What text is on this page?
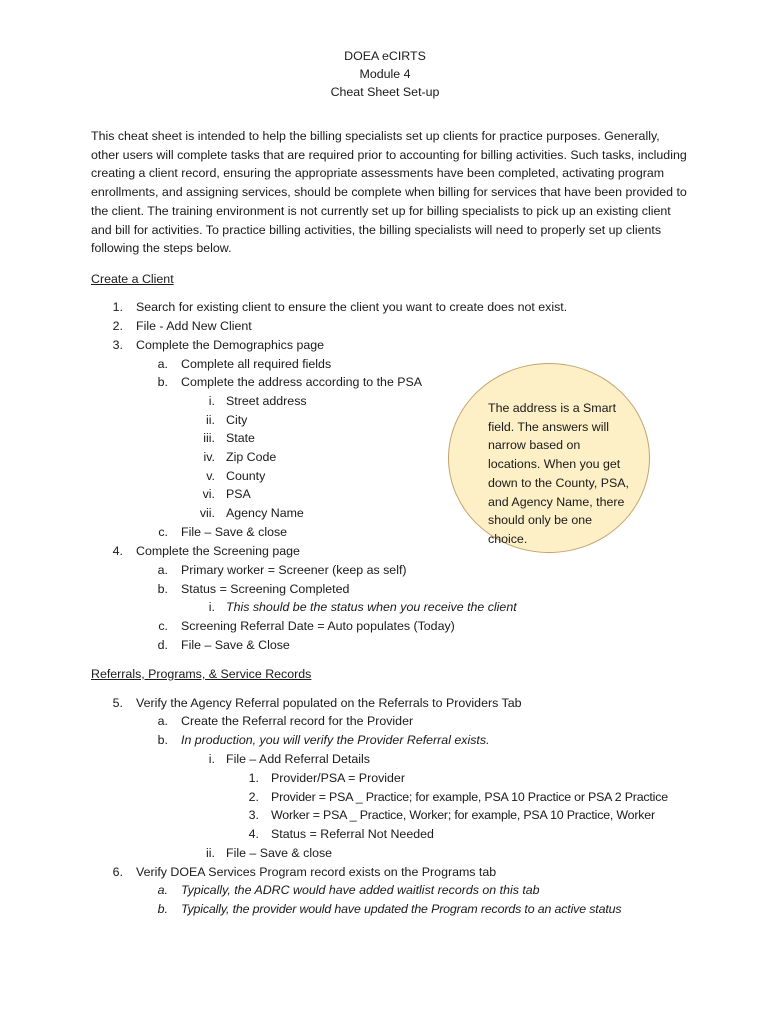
DOEA eCIRTS
Module 4
Cheat Sheet Set-up
This cheat sheet is intended to help the billing specialists set up clients for practice purposes. Generally, other users will complete tasks that are required prior to accounting for billing activities. Such tasks, including creating a client record, ensuring the appropriate assessments have been completed, activating program enrollments, and assigning services, should be complete when billing for services that have been provided to the client. The training environment is not currently set up for billing specialists to pick up an existing client and bill for activities. To practice billing activities, the billing specialists will need to properly set up clients following the steps below.
Create a Client
1. Search for existing client to ensure the client you want to create does not exist.
2. File - Add New Client
3. Complete the Demographics page
a. Complete all required fields
b. Complete the address according to the PSA
i. Street address
ii. City
iii. State
iv. Zip Code
v. County
vi. PSA
vii. Agency Name
c. File – Save & close
4. Complete the Screening page
a. Primary worker = Screener (keep as self)
b. Status = Screening Completed
i. This should be the status when you receive the client
c. Screening Referral Date = Auto populates (Today)
d. File – Save & Close
The address is a Smart field. The answers will narrow based on locations. When you get down to the County, PSA, and Agency Name, there should only be one choice.
Referrals, Programs, & Service Records
5. Verify the Agency Referral populated on the Referrals to Providers Tab
a. Create the Referral record for the Provider
b. In production, you will verify the Provider Referral exists.
i. File – Add Referral Details
1. Provider/PSA = Provider
2. Provider = PSA _ Practice; for example, PSA 10 Practice or PSA 2 Practice
3. Worker = PSA _ Practice, Worker; for example, PSA 10 Practice, Worker
4. Status = Referral Not Needed
ii. File – Save & close
6. Verify DOEA Services Program record exists on the Programs tab
a. Typically, the ADRC would have added waitlist records on this tab
b. Typically, the provider would have updated the Program records to an active status
